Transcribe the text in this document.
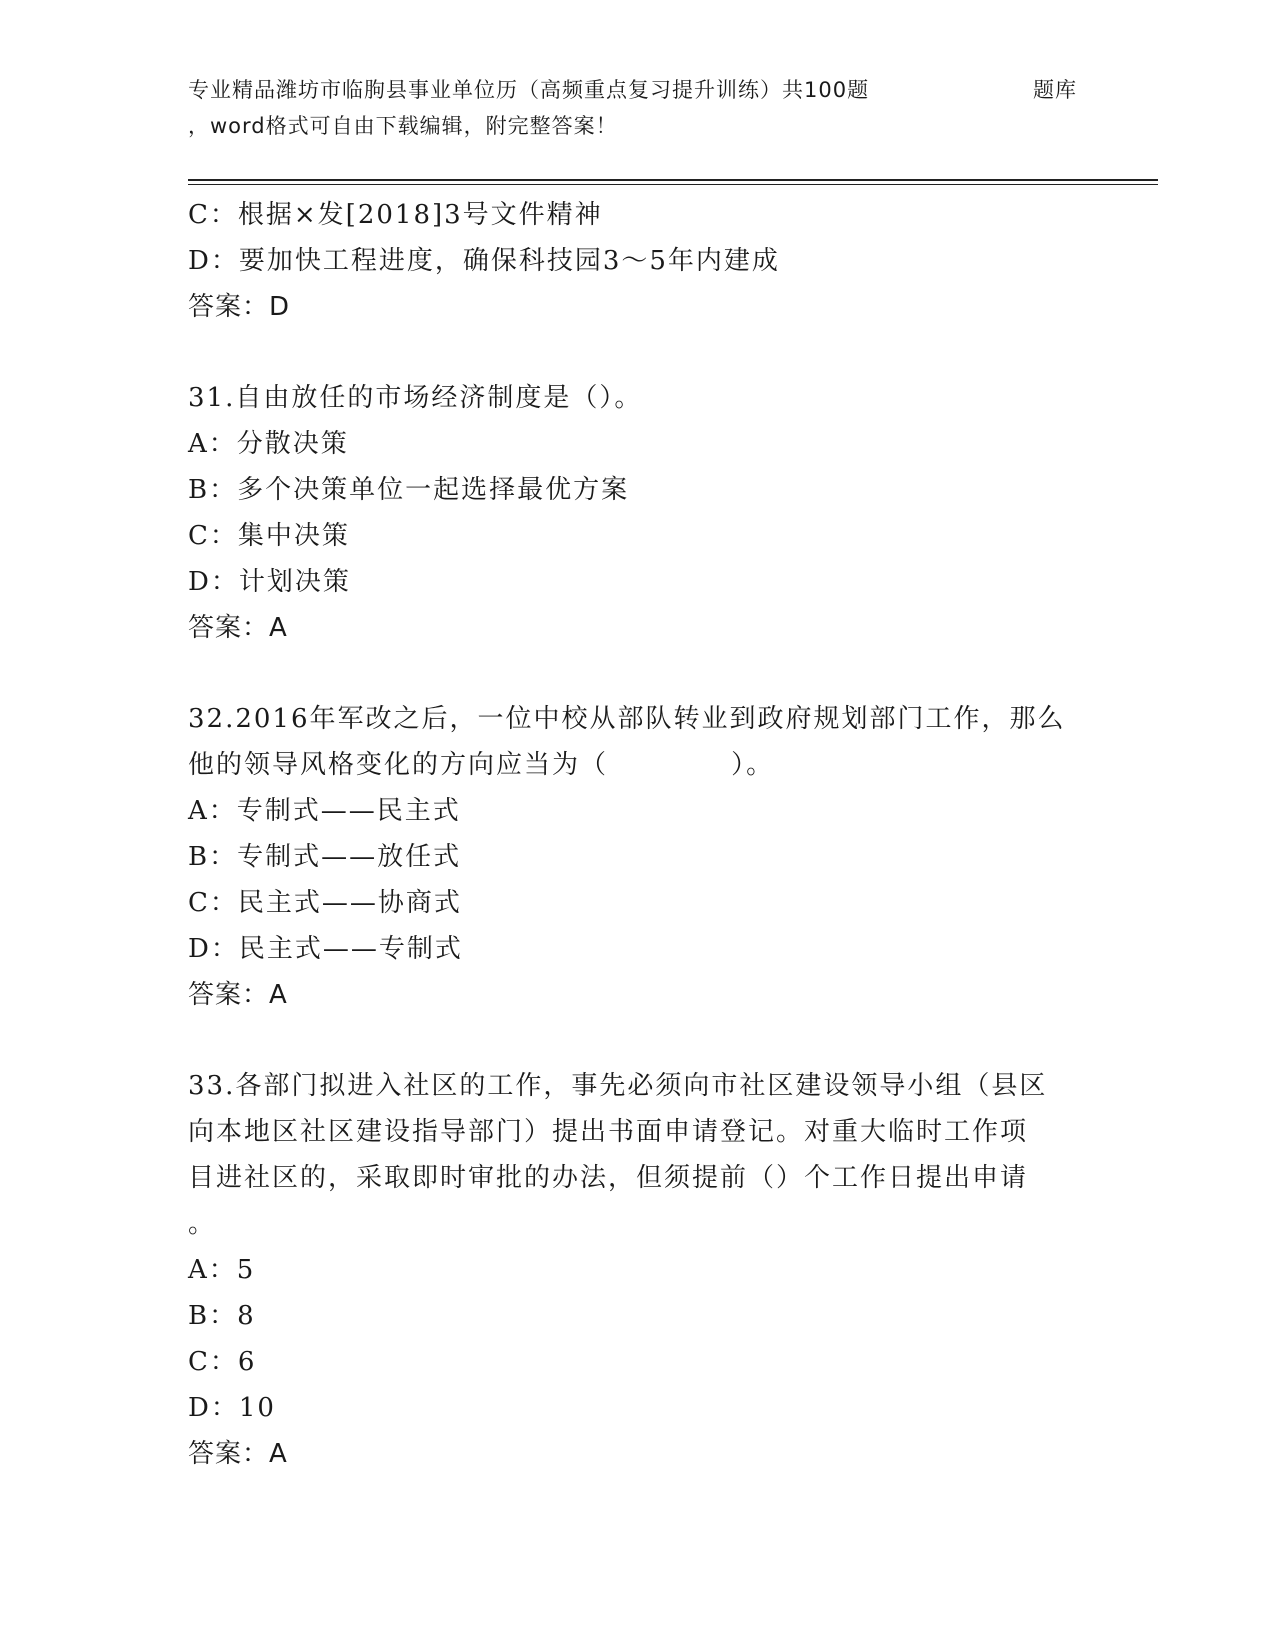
专业精品潍坊市临朐县事业单位历（高频重点复习提升训练）共100题	题库
，word格式可自由下载编辑，附完整答案！
C：根据×发[2018]3号文件精神
D：要加快工程进度，确保科技园3～5年内建成
答案：D
31.自由放任的市场经济制度是（）。
A：分散决策
B：多个决策单位一起选择最优方案
C：集中决策
D：计划决策
答案：A
32.2016年军改之后，一位中校从部队转业到政府规划部门工作，那么
他的领导风格变化的方向应当为（            ）。
A：专制式——民主式
B：专制式——放任式
C：民主式——协商式
D：民主式——专制式
答案：A
33.各部门拟进入社区的工作，事先必须向市社区建设领导小组（县区
向本地区社区建设指导部门）提出书面申请登记。对重大临时工作项
目进社区的，采取即时审批的办法，但须提前（）个工作日提出申请
。
A：5
B：8
C：6
D：10
答案：A
